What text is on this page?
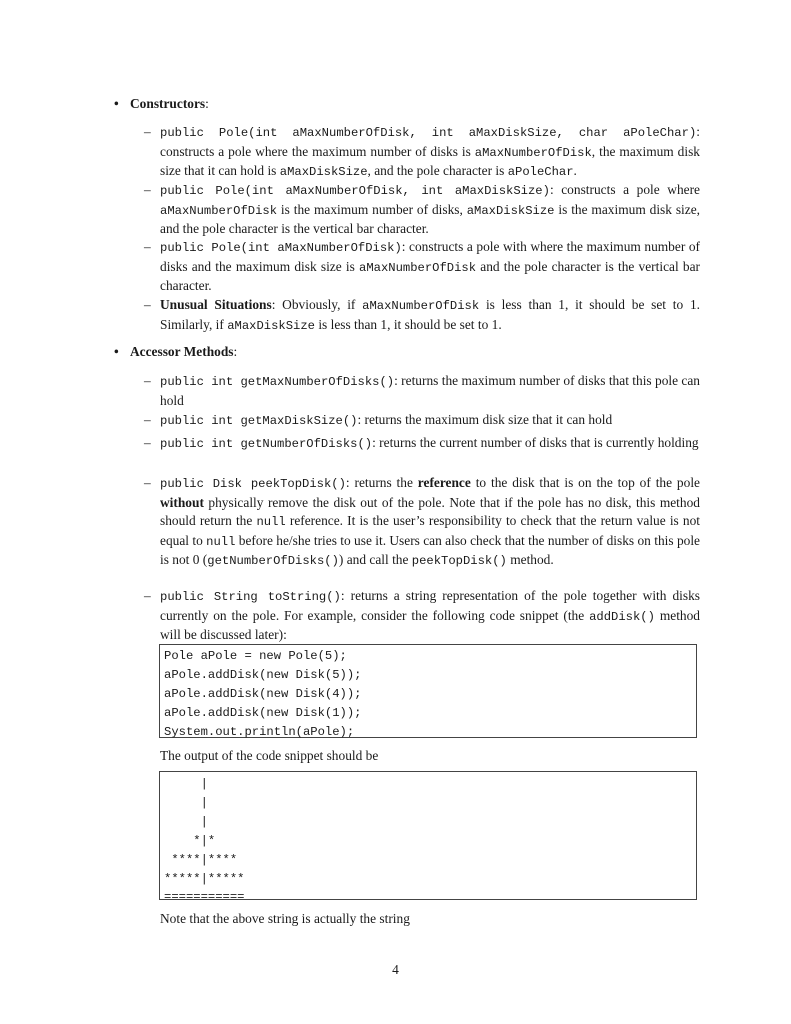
• Constructors:
– public Pole(int aMaxNumberOfDisk, int aMaxDiskSize, char aPoleChar): constructs a pole where the maximum number of disks is aMaxNumberOfDisk, the maximum disk size that it can hold is aMaxDiskSize, and the pole character is aPoleChar.
– public Pole(int aMaxNumberOfDisk, int aMaxDiskSize): constructs a pole where aMaxNumberOfDisk is the maximum number of disks, aMaxDiskSize is the maximum disk size, and the pole character is the vertical bar character.
– public Pole(int aMaxNumberOfDisk): constructs a pole with where the maximum number of disks and the maximum disk size is aMaxNumberOfDisk and the pole character is the vertical bar character.
– Unusual Situations: Obviously, if aMaxNumberOfDisk is less than 1, it should be set to 1. Similarly, if aMaxDiskSize is less than 1, it should be set to 1.
• Accessor Methods:
– public int getMaxNumberOfDisks(): returns the maximum number of disks that this pole can hold
– public int getMaxDiskSize(): returns the maximum disk size that it can hold
– public int getNumberOfDisks(): returns the current number of disks that is currently holding
– public Disk peekTopDisk(): returns the reference to the disk that is on the top of the pole without physically remove the disk out of the pole. Note that if the pole has no disk, this method should return the null reference. It is the user’s responsibility to check that the return value is not equal to null before he/she tries to use it. Users can also check that the number of disks on this pole is not 0 (getNumberOfDisks()) and call the peekTopDisk() method.
– public String toString(): returns a string representation of the pole together with disks currently on the pole. For example, consider the following code snippet (the addDisk() method will be discussed later):
Pole aPole = new Pole(5);
aPole.addDisk(new Disk(5));
aPole.addDisk(new Disk(4));
aPole.addDisk(new Disk(1));
System.out.println(aPole);
The output of the code snippet should be
|
|
|
*|*
****|****
*****|*****
===========
Note that the above string is actually the string
4
